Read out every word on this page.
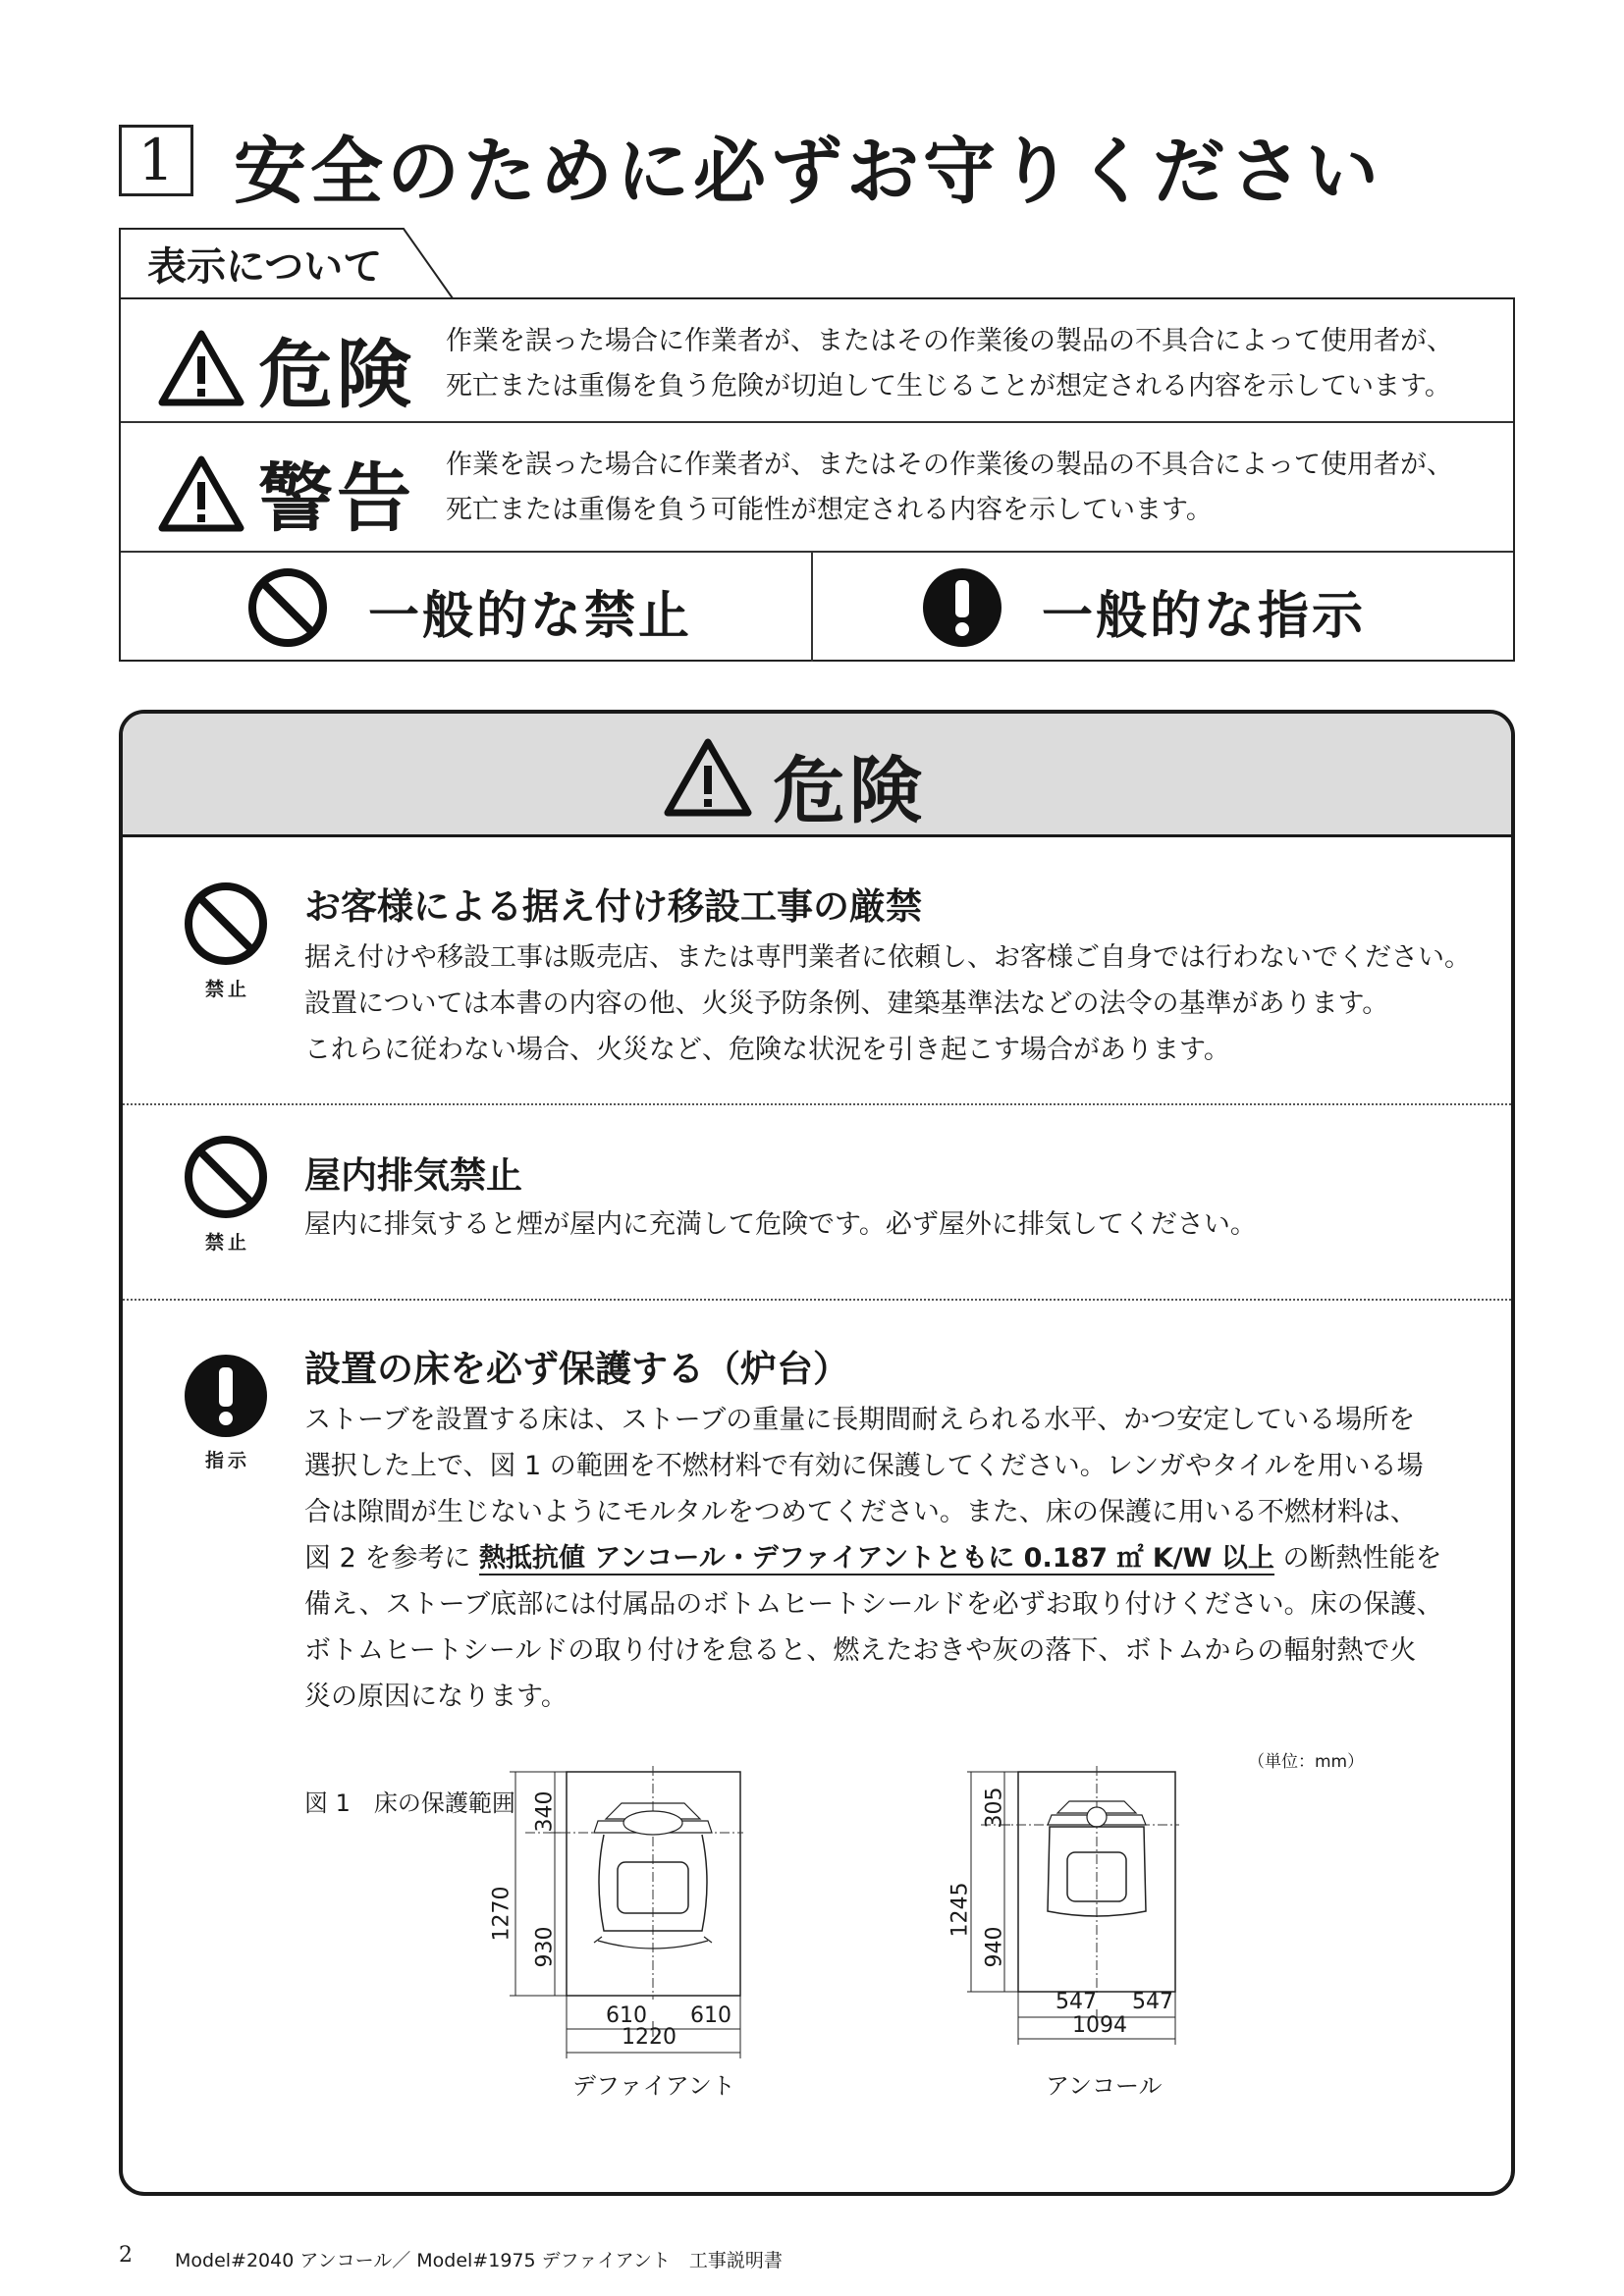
1 安全のために必ずお守りください
表示について
危険 作業を誤った場合に作業者が、またはその作業後の製品の不具合によって使用者が、
死亡または重傷を負う危険が切迫して生じることが想定される内容を示しています。
警告 作業を誤った場合に作業者が、またはその作業後の製品の不具合によって使用者が、
死亡または重傷を負う可能性が想定される内容を示しています。
一般的な禁止	一般的な指示
危険
禁止
お客様による据え付け移設工事の厳禁
据え付けや移設工事は販売店、または専門業者に依頼し、お客様ご自身では行わないでください。
設置については本書の内容の他、火災予防条例、建築基準法などの法令の基準があります。
これらに従わない場合、火災など、危険な状況を引き起こす場合があります。
禁止
屋内排気禁止
屋内に排気すると煙が屋内に充満して危険です。必ず屋外に排気してください。
指示
設置の床を必ず保護する（炉台）
ストーブを設置する床は、ストーブの重量に長期間耐えられる水平、かつ安定している場所を
選択した上で、図 1 の範囲を不燃材料で有効に保護してください。レンガやタイルを用いる場
合は隙間が生じないようにモルタルをつめてください。また、床の保護に用いる不燃材料は、
図 2 を参考に 熱抵抗値 アンコール・デファイアントともに 0.187 ㎡ K/W 以上 の断熱性能を
備え、ストーブ底部には付属品のボトムヒートシールドを必ずお取り付けください。床の保護、
ボトムヒートシールドの取り付けを怠ると、燃えたおきや灰の落下、ボトムからの輻射熱で火
災の原因になります。
（単位：mm）
図 1　床の保護範囲 340
930
1270
610 610
1220
デファイアント
305
940
1245
547 547
1094
アンコール
2 Model#2040 アンコール／ Model#1975 デファイアント　工事説明書
